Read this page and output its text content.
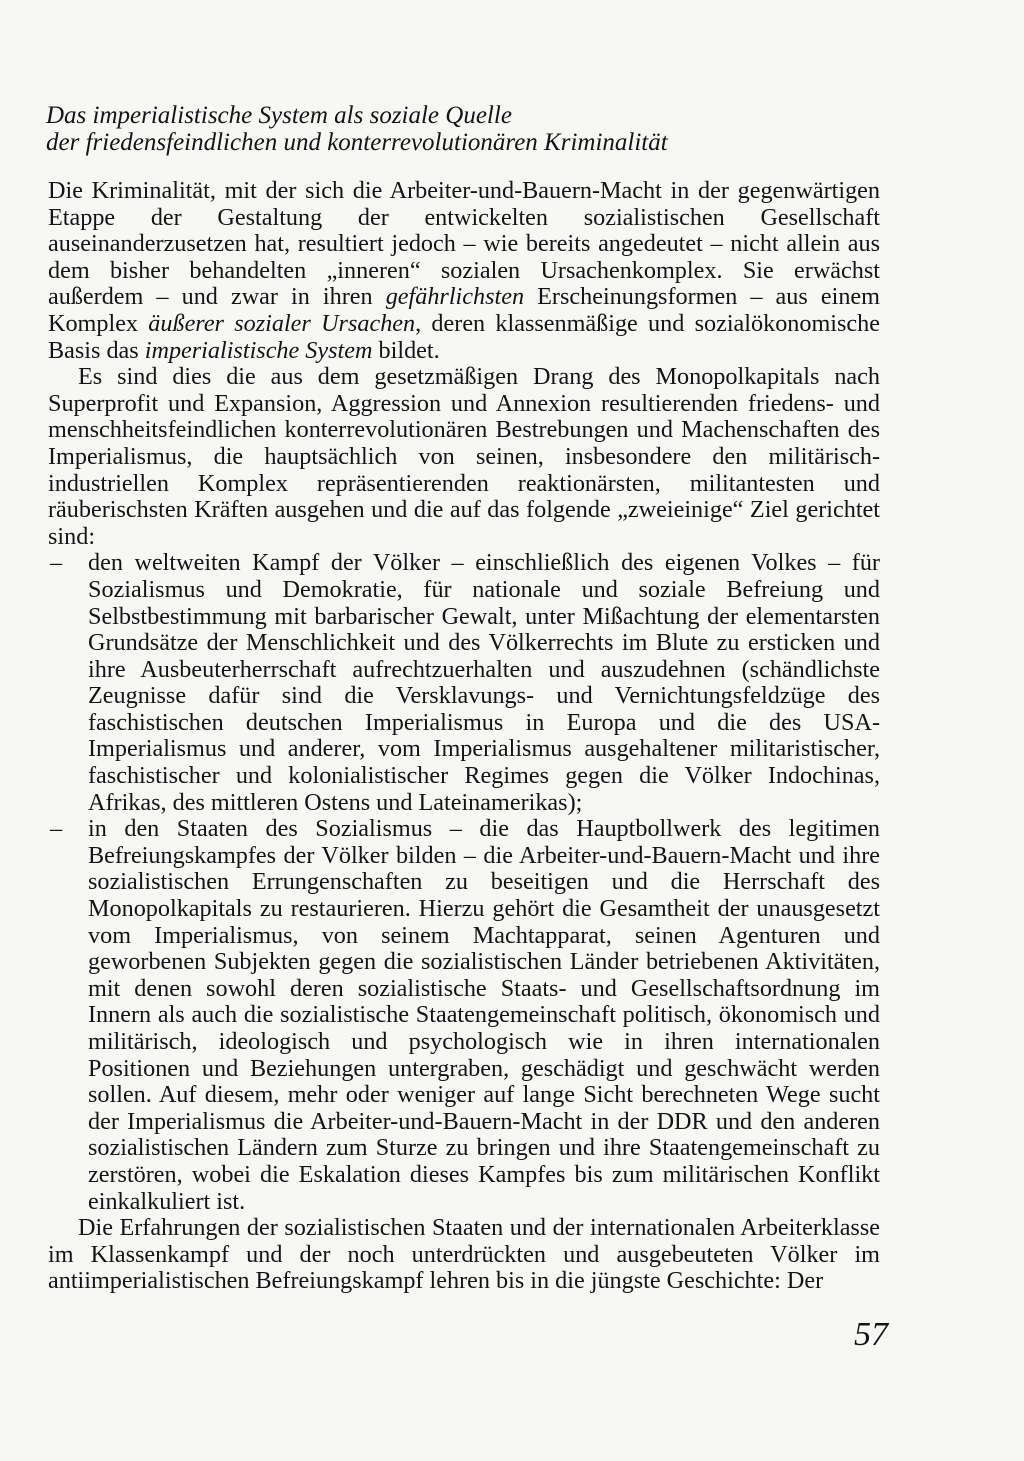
Das imperialistische System als soziale Quelle
der friedensfeindlichen und konterrevolutionären Kriminalität

Die Kriminalität, mit der sich die Arbeiter-und-Bauern-Macht in der gegenwärtigen Etappe der Gestaltung der entwickelten sozialistischen Gesellschaft auseinanderzusetzen hat, resultiert jedoch – wie bereits angedeutet – nicht allein aus dem bisher behandelten „inneren“ sozialen Ursachenkomplex. Sie erwächst außerdem – und zwar in ihren gefährlichsten Erscheinungsformen – aus einem Komplex äußerer sozialer Ursachen, deren klassenmäßige und sozialökonomische Basis das imperialistische System bildet.

Es sind dies die aus dem gesetzmäßigen Drang des Monopolkapitals nach Superprofit und Expansion, Aggression und Annexion resultierenden friedens- und menschheitsfeindlichen konterrevolutionären Bestrebungen und Machenschaften des Imperialismus, die hauptsächlich von seinen, insbesondere den militärisch-industriellen Komplex repräsentierenden reaktionärsten, militantesten und räuberischsten Kräften ausgehen und die auf das folgende „zweieinige“ Ziel gerichtet sind:

– den weltweiten Kampf der Völker – einschließlich des eigenen Volkes – für Sozialismus und Demokratie, für nationale und soziale Befreiung und Selbstbestimmung mit barbarischer Gewalt, unter Mißachtung der elementarsten Grundsätze der Menschlichkeit und des Völkerrechts im Blute zu ersticken und ihre Ausbeuterherrschaft aufrechtzuerhalten und auszudehnen (schändlichste Zeugnisse dafür sind die Versklavungs- und Vernichtungsfeldzüge des faschistischen deutschen Imperialismus in Europa und die des USA-Imperialismus und anderer, vom Imperialismus ausgehaltener militaristischer, faschistischer und kolonialistischer Regimes gegen die Völker Indochinas, Afrikas, des mittleren Ostens und Lateinamerikas);
– in den Staaten des Sozialismus – die das Hauptbollwerk des legitimen Befreiungskampfes der Völker bilden – die Arbeiter-und-Bauern-Macht und ihre sozialistischen Errungenschaften zu beseitigen und die Herrschaft des Monopolkapitals zu restaurieren. Hierzu gehört die Gesamtheit der unausgesetzt vom Imperialismus, von seinem Machtapparat, seinen Agenturen und geworbenen Subjekten gegen die sozialistischen Länder betriebenen Aktivitäten, mit denen sowohl deren sozialistische Staats- und Gesellschaftsordnung im Innern als auch die sozialistische Staatengemeinschaft politisch, ökonomisch und militärisch, ideologisch und psychologisch wie in ihren internationalen Positionen und Beziehungen untergraben, geschädigt und geschwächt werden sollen. Auf diesem, mehr oder weniger auf lange Sicht berechneten Wege sucht der Imperialismus die Arbeiter-und-Bauern-Macht in der DDR und den anderen sozialistischen Ländern zum Sturze zu bringen und ihre Staatengemeinschaft zu zerstören, wobei die Eskalation dieses Kampfes bis zum militärischen Konflikt einkalkuliert ist.

Die Erfahrungen der sozialistischen Staaten und der internationalen Arbeiterklasse im Klassenkampf und der noch unterdrückten und ausgebeuteten Völker im antiimperialistischen Befreiungskampf lehren bis in die jüngste Geschichte: Der

57
